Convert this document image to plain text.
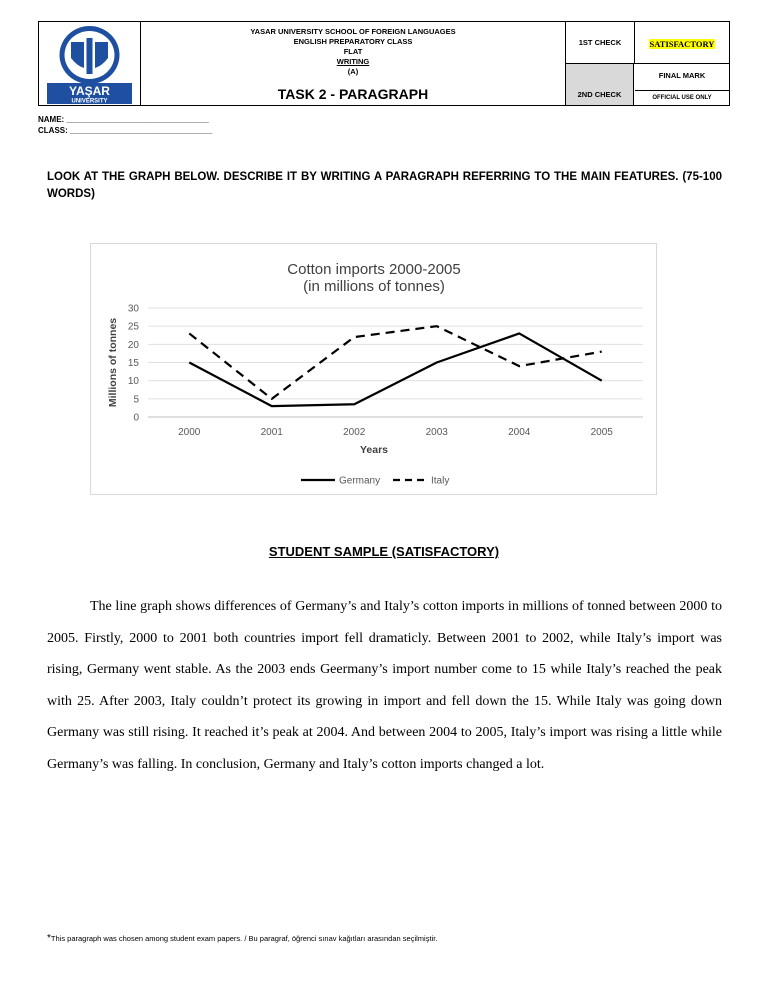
YAŞAR
UNIVERSITY
YASAR UNIVERSITY SCHOOL OF FOREIGN LANGUAGES
ENGLISH PREPARATORY CLASS
FLAT
WRITING
(A)
TASK 2 - PARAGRAPH
1ST CHECK
2ND CHECK
SATISFACTORY
FINAL MARK
OFFICIAL USE ONLY
NAME: ________________________________
CLASS: ________________________________
LOOK AT THE GRAPH BELOW. DESCRIBE IT BY WRITING A PARAGRAPH REFERRING TO THE MAIN FEATURES. (75-100 WORDS)
Cotton imports 2000-2005
(in millions of tonnes)
0
5
10
15
20
25
30
2000	2001	2002	2003	2004	2005
Years
Millions of tonnes
Germany	Italy
STUDENT SAMPLE (SATISFACTORY)
The line graph shows differences of Germany’s and Italy’s cotton imports in millions of tonned between 2000 to 2005. Firstly, 2000 to 2001 both countries import fell dramaticly. Between 2001 to 2002, while Italy’s import was rising, Germany went stable. As the 2003 ends Geermany’s import number come to 15 while Italy’s reached the peak with 25. After 2003, Italy couldn’t protect its growing in import and fell down the 15. While Italy was going down Germany was still rising. It reached it’s peak at 2004. And between 2004 to 2005, Italy’s import was rising a little while Germany’s was falling. In conclusion, Germany and Italy’s cotton imports changed a lot.
*This paragraph was chosen among student exam papers. / Bu paragraf, öğrenci sınav kağıtları arasından seçilmiştir.
